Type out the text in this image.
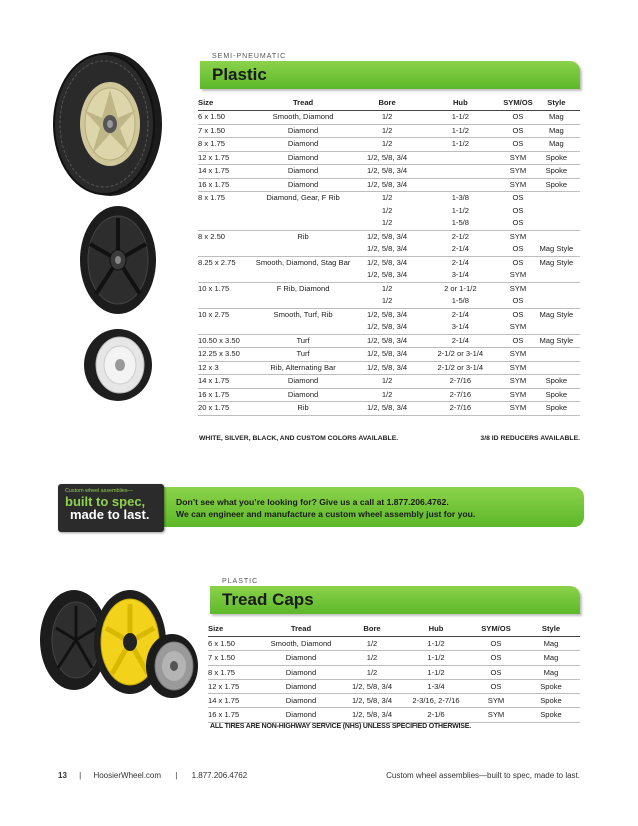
SEMI-PNEUMATIC
Plastic
Size	Tread	Bore	Hub	SYM/OS	Style
6 x 1.50	Smooth, Diamond	1/2	1-1/2	OS	Mag
7 x 1.50	Diamond	1/2	1-1/2	OS	Mag
8 x 1.75	Diamond	1/2	1-1/2	OS	Mag
12 x 1.75	Diamond	1/2, 5/8, 3/4		SYM	Spoke
14 x 1.75	Diamond	1/2, 5/8, 3/4		SYM	Spoke
16 x 1.75	Diamond	1/2, 5/8, 3/4		SYM	Spoke
8 x 1.75	Diamond, Gear, F Rib	1/2	1-3/8	OS	
		1/2	1-1/2	OS	
		1/2	1-5/8	OS	
8 x 2.50	Rib	1/2, 5/8, 3/4	2-1/2	SYM	
		1/2, 5/8, 3/4	2-1/4	OS	Mag Style
8.25 x 2.75	Smooth, Diamond, Stag Bar	1/2, 5/8, 3/4	2-1/4	OS	Mag Style
		1/2, 5/8, 3/4	3-1/4	SYM	
10 x 1.75	F Rib, Diamond	1/2	2 or 1-1/2	SYM	
		1/2	1-5/8	OS	
10 x 2.75	Smooth, Turf, Rib	1/2, 5/8, 3/4	2-1/4	OS	Mag Style
		1/2, 5/8, 3/4	3-1/4	SYM	
10.50 x 3.50	Turf	1/2, 5/8, 3/4	2-1/4	OS	Mag Style
12.25 x 3.50	Turf	1/2, 5/8, 3/4	2-1/2 or 3-1/4	SYM	
12 x 3	Rib, Alternating Bar	1/2, 5/8, 3/4	2-1/2 or 3-1/4	SYM	
14 x 1.75	Diamond	1/2	2-7/16	SYM	Spoke
16 x 1.75	Diamond	1/2	2-7/16	SYM	Spoke
20 x 1.75	Rib	1/2, 5/8, 3/4	2-7/16	SYM	Spoke
WHITE, SILVER, BLACK, AND CUSTOM COLORS AVAILABLE.	3/8 ID REDUCERS AVAILABLE.
Custom wheel assemblies—
built to spec,
made to last.
Don’t see what you’re looking for? Give us a call at 1.877.206.4762.
We can engineer and manufacture a custom wheel assembly just for you.
PLASTIC
Tread Caps
Size	Tread	Bore	Hub	SYM/OS	Style
6 x 1.50	Smooth, Diamond	1/2	1-1/2	OS	Mag
7 x 1.50	Diamond	1/2	1-1/2	OS	Mag
8 x 1.75	Diamond	1/2	1-1/2	OS	Mag
12 x 1.75	Diamond	1/2, 5/8, 3/4	1-3/4	OS	Spoke
14 x 1.75	Diamond	1/2, 5/8, 3/4	2-3/16, 2-7/16	SYM	Spoke
16 x 1.75	Diamond	1/2, 5/8, 3/4	2-1/6	SYM	Spoke
ALL TIRES ARE NON-HIGHWAY SERVICE (NHS) UNLESS SPECIFIED OTHERWISE.
13 | HoosierWheel.com | 1.877.206.4762	Custom wheel assemblies—built to spec, made to last.
